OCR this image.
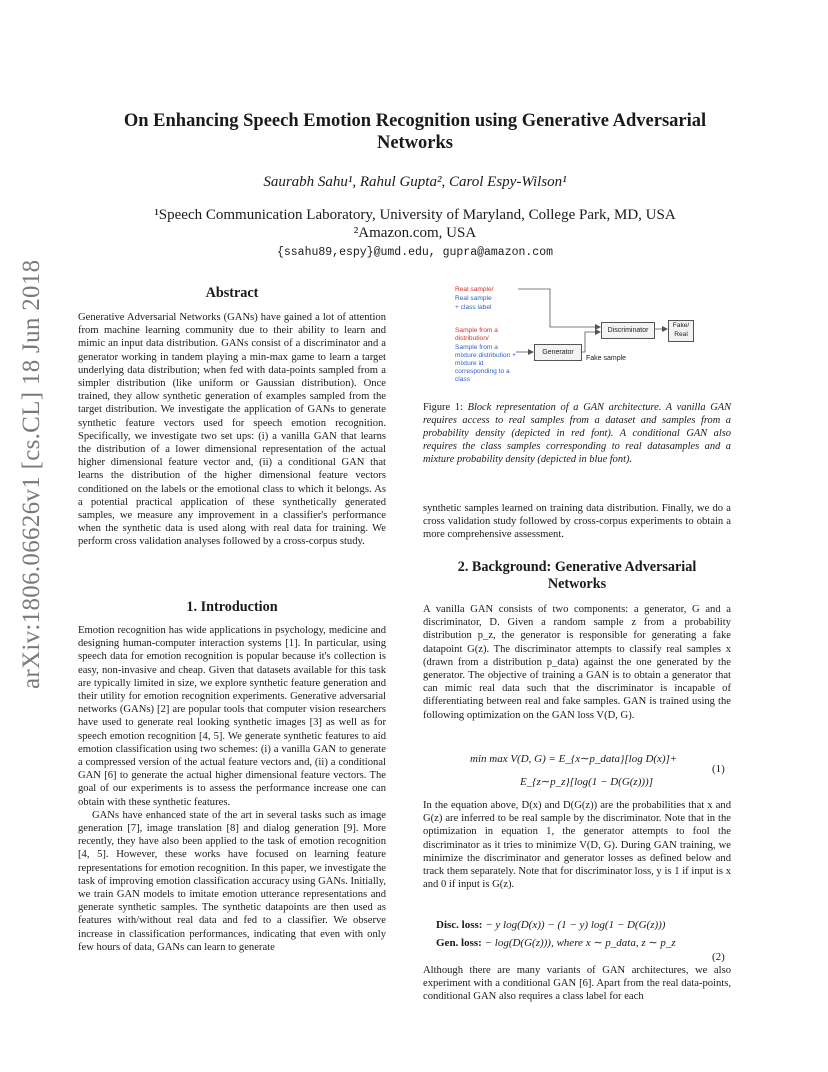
arXiv:1806.06626v1 [cs.CL] 18 Jun 2018
On Enhancing Speech Emotion Recognition using Generative Adversarial
Networks
Saurabh Sahu¹, Rahul Gupta², Carol Espy-Wilson¹
¹Speech Communication Laboratory, University of Maryland, College Park, MD, USA
²Amazon.com, USA
{ssahu89,espy}@umd.edu, gupra@amazon.com
Abstract

Generative Adversarial Networks (GANs) have gained a lot of attention from machine learning community due to their ability to learn and mimic an input data distribution. GANs consist of a discriminator and a generator working in tandem playing a min-max game to learn a target underlying data distribution; when fed with data-points sampled from a simpler distribution (like uniform or Gaussian distribution). Once trained, they allow synthetic generation of examples sampled from the target distribution. We investigate the application of GANs to generate synthetic feature vectors used for speech emotion recognition. Specifically, we investigate two set ups: (i) a vanilla GAN that learns the distribution of a lower dimensional representation of the actual higher dimensional feature vector and, (ii) a conditional GAN that learns the distribution of the higher dimensional feature vectors conditioned on the labels or the emotional class to which it belongs. As a potential practical application of these synthetically generated samples, we measure any improvement in a classifier's performance when the synthetic data is used along with real data for training. We perform cross validation analyses followed by a cross-corpus study.

1. Introduction

Emotion recognition has wide applications in psychology, medicine and designing human-computer interaction systems [1]. In particular, using speech data for emotion recognition is popular because it's collection is easy, non-invasive and cheap. Given that datasets available for this task are typically limited in size, we explore synthetic feature generation and their utility for emotion recognition experiments. Generative adversarial networks (GANs) [2] are popular tools that computer vision researchers have used to generate real looking synthetic images [3] as well as for speech emotion recognition [4, 5]. We generate synthetic features to aid emotion classification using two schemes: (i) a vanilla GAN to generate a compressed version of the actual feature vectors and, (ii) a conditional GAN [6] to generate the actual higher dimensional feature vectors. The goal of our experiments is to assess the performance increase one can obtain with these synthetic features.

GANs have enhanced state of the art in several tasks such as image generation [7], image translation [8] and dialog generation [9]. More recently, they have also been applied to the task of emotion recognition [4, 5]. However, these works have focused on learning feature representations for emotion recognition. In this paper, we investigate the task of improving emotion classification accuracy using GANs. Initially, we train GAN models to imitate emotion utterance representations and generate synthetic samples. The synthetic datapoints are then used as features with/without real data and fed to a classifier. We observe increase in classification performances, indicating that even with only few hours of data, GANs can learn to generate

Real sample/
Real sample
+ class label
Sample from a
distribution/
Sample from a
mixture distribution +
mixture id
corresponding to a
class
Generator
Discriminator
Fake sample
Fake/
Real

Figure 1: Block representation of a GAN architecture. A vanilla GAN requires access to real samples from a dataset and samples from a probability density (depicted in red font). A conditional GAN also requires the class samples corresponding to real datasamples and a mixture probability density (depicted in blue font).

synthetic samples learned on training data distribution. Finally, we do a cross validation study followed by cross-corpus experiments to obtain a more comprehensive assessment.

2. Background: Generative Adversarial
Networks

A vanilla GAN consists of two components: a generator, G and a discriminator, D. Given a random sample z from a probability distribution p_z, the generator is responsible for generating a fake datapoint G(z). The discriminator attempts to classify real samples x (drawn from a distribution p_data) against the one generated by the generator. The objective of training a GAN is to obtain a generator that can mimic real data such that the discriminator is incapable of differentiating between real and fake samples. GAN is trained using the following optimization on the GAN loss V(D, G).

min max V(D, G) = E_{x∼p_data}[log D(x)]+
E_{z∼p_z}[log(1 − D(G(z)))]
(1)

In the equation above, D(x) and D(G(z)) are the probabilities that x and G(z) are inferred to be real sample by the discriminator. Note that in the optimization in equation 1, the generator attempts to fool the discriminator as it tries to minimize V(D, G). During GAN training, we minimize the discriminator and generator losses as defined below and track them separately. Note that for discriminator loss, y is 1 if input is x and 0 if input is G(z).

Disc. loss: − y log(D(x)) − (1 − y) log(1 − D(G(z)))
Gen. loss: − log(D(G(z))), where x ∼ p_data, z ∼ p_z
(2)

Although there are many variants of GAN architectures, we also experiment with a conditional GAN [6]. Apart from the real data-points, conditional GAN also requires a class label for each
